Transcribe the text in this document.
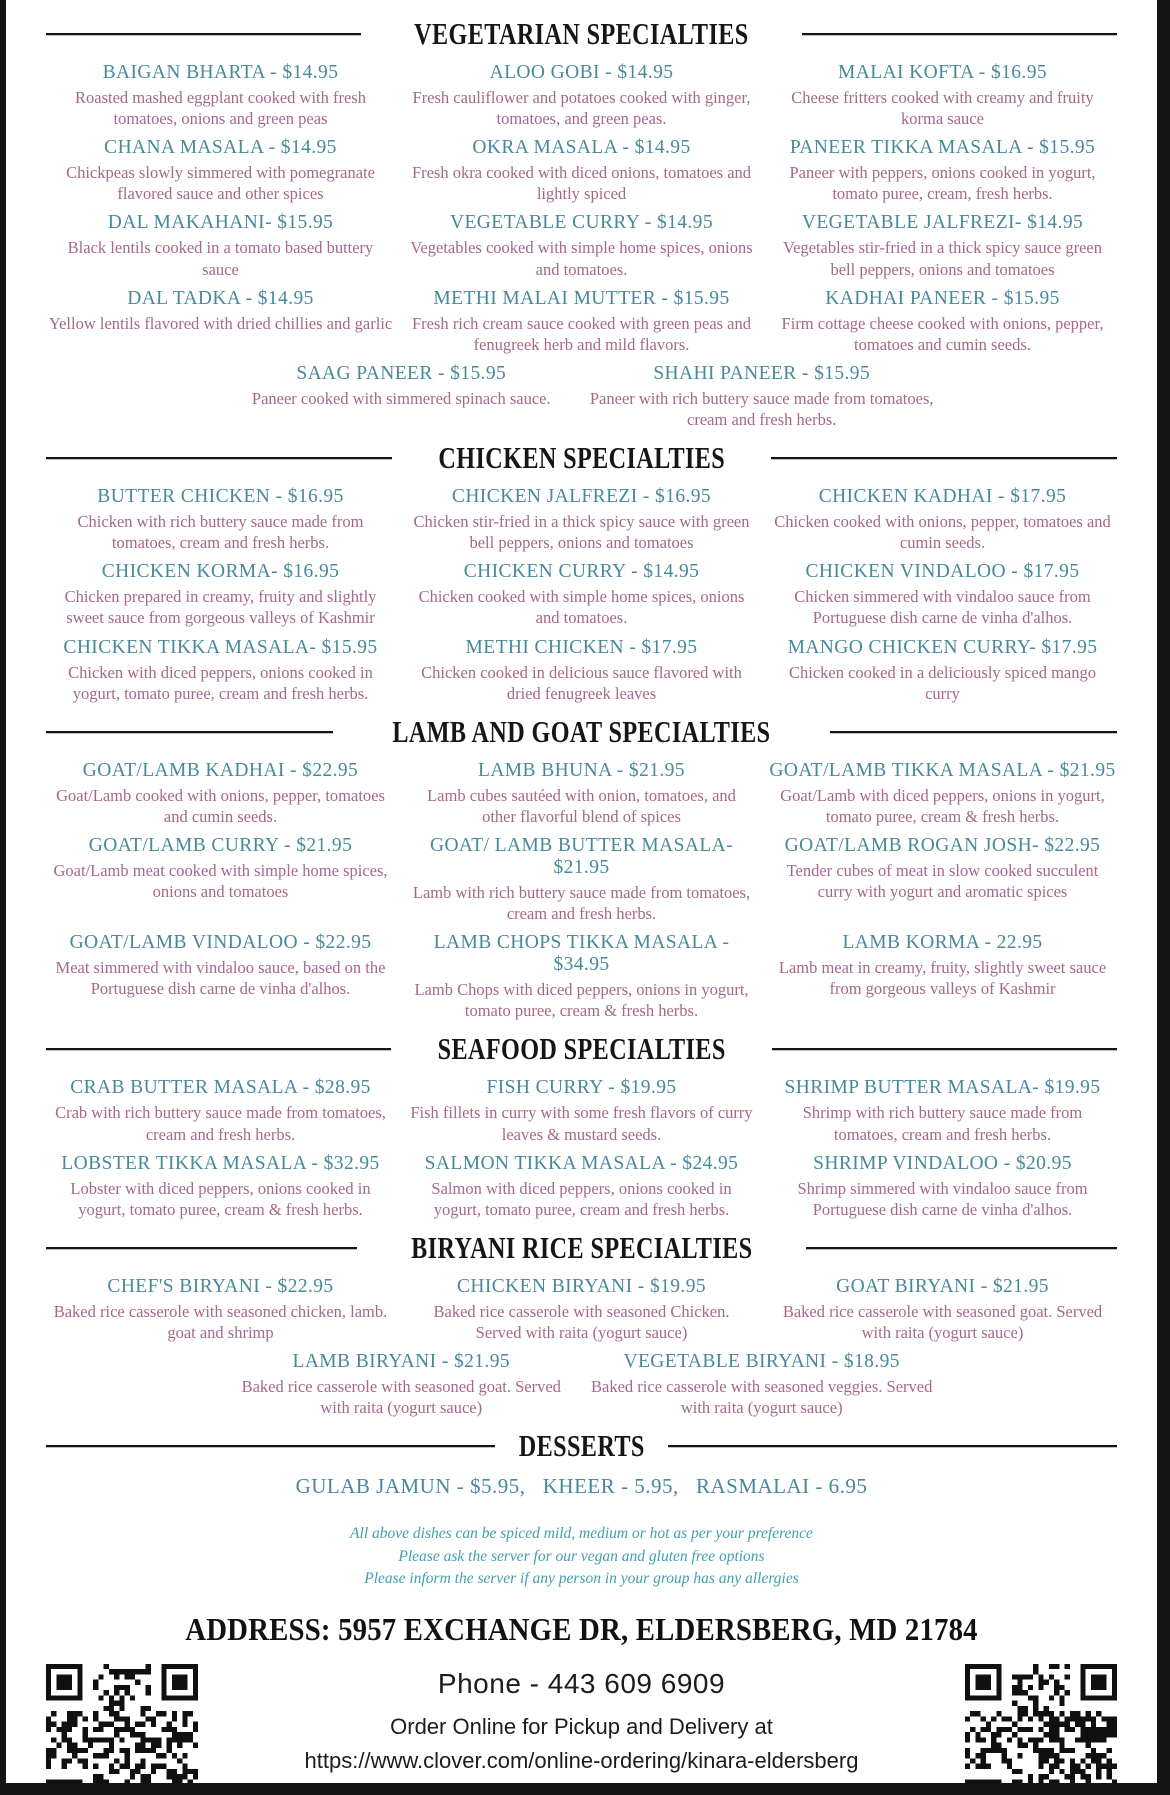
VEGETARIAN SPECIALTIES
BAIGAN BHARTA - $14.95
Roasted mashed eggplant cooked with fresh tomatoes, onions and green peas
ALOO GOBI - $14.95
Fresh cauliflower and potatoes cooked with ginger, tomatoes, and green peas.
MALAI KOFTA - $16.95
Cheese fritters cooked with creamy and fruity korma sauce
CHANA MASALA - $14.95
Chickpeas slowly simmered with pomegranate flavored sauce and other spices
OKRA MASALA - $14.95
Fresh okra cooked with diced onions, tomatoes and lightly spiced
PANEER TIKKA MASALA - $15.95
Paneer with peppers, onions cooked in yogurt, tomato puree, cream, fresh herbs.
DAL MAKAHANI- $15.95
Black lentils cooked in a tomato based buttery sauce
VEGETABLE CURRY - $14.95
Vegetables cooked with simple home spices, onions and tomatoes.
VEGETABLE JALFREZI- $14.95
Vegetables stir-fried in a thick spicy sauce green bell peppers, onions and tomatoes
DAL TADKA - $14.95
Yellow lentils flavored with dried chillies and garlic
METHI MALAI MUTTER - $15.95
Fresh rich cream sauce cooked with green peas and fenugreek herb and mild flavors.
KADHAI PANEER - $15.95
Firm cottage cheese cooked with onions, pepper, tomatoes and cumin seeds.
SAAG PANEER - $15.95
Paneer cooked with simmered spinach sauce.
SHAHI PANEER - $15.95
Paneer with rich buttery sauce made from tomatoes, cream and fresh herbs.
CHICKEN SPECIALTIES
BUTTER CHICKEN - $16.95
Chicken with rich buttery sauce made from tomatoes, cream and fresh herbs.
CHICKEN JALFREZI - $16.95
Chicken stir-fried in a thick spicy sauce with green bell peppers, onions and tomatoes
CHICKEN KADHAI - $17.95
Chicken cooked with onions, pepper, tomatoes and cumin seeds.
CHICKEN KORMA- $16.95
Chicken prepared in creamy, fruity and slightly sweet sauce from gorgeous valleys of Kashmir
CHICKEN CURRY - $14.95
Chicken cooked with simple home spices, onions and tomatoes.
CHICKEN VINDALOO - $17.95
Chicken simmered with vindaloo sauce from Portuguese dish carne de vinha d'alhos.
CHICKEN TIKKA MASALA- $15.95
Chicken with diced peppers, onions cooked in yogurt, tomato puree, cream and fresh herbs.
METHI CHICKEN - $17.95
Chicken cooked in delicious sauce flavored with dried fenugreek leaves
MANGO CHICKEN CURRY- $17.95
Chicken cooked in a deliciously spiced mango curry
LAMB AND GOAT SPECIALTIES
GOAT/LAMB KADHAI - $22.95
Goat/Lamb cooked with onions, pepper, tomatoes and cumin seeds.
LAMB BHUNA - $21.95
Lamb cubes sautéed with onion, tomatoes, and other flavorful blend of spices
GOAT/LAMB TIKKA MASALA - $21.95
Goat/Lamb with diced peppers, onions in yogurt, tomato puree, cream & fresh herbs.
GOAT/LAMB CURRY - $21.95
Goat/Lamb meat cooked with simple home spices, onions and tomatoes
GOAT/ LAMB BUTTER MASALA- $21.95
Lamb with rich buttery sauce made from tomatoes, cream and fresh herbs.
GOAT/LAMB ROGAN JOSH- $22.95
Tender cubes of meat in slow cooked succulent curry with yogurt and aromatic spices
GOAT/LAMB VINDALOO - $22.95
Meat simmered with vindaloo sauce, based on the Portuguese dish carne de vinha d'alhos.
LAMB CHOPS TIKKA MASALA - $34.95
Lamb Chops with diced peppers, onions in yogurt, tomato puree, cream & fresh herbs.
LAMB KORMA - 22.95
Lamb meat in creamy, fruity, slightly sweet sauce from gorgeous valleys of Kashmir
SEAFOOD SPECIALTIES
CRAB BUTTER MASALA - $28.95
Crab with rich buttery sauce made from tomatoes, cream and fresh herbs.
FISH CURRY - $19.95
Fish fillets in curry with some fresh flavors of curry leaves & mustard seeds.
SHRIMP BUTTER MASALA- $19.95
Shrimp with rich buttery sauce made from tomatoes, cream and fresh herbs.
LOBSTER TIKKA MASALA - $32.95
Lobster with diced peppers, onions cooked in yogurt, tomato puree, cream & fresh herbs.
SALMON TIKKA MASALA - $24.95
Salmon with diced peppers, onions cooked in yogurt, tomato puree, cream and fresh herbs.
SHRIMP VINDALOO - $20.95
Shrimp simmered with vindaloo sauce from Portuguese dish carne de vinha d'alhos.
BIRYANI RICE SPECIALTIES
CHEF'S BIRYANI - $22.95
Baked rice casserole with seasoned chicken, lamb. goat and shrimp
CHICKEN BIRYANI - $19.95
Baked rice casserole with seasoned Chicken. Served with raita (yogurt sauce)
GOAT BIRYANI - $21.95
Baked rice casserole with seasoned goat. Served with raita (yogurt sauce)
LAMB BIRYANI - $21.95
Baked rice casserole with seasoned goat. Served with raita (yogurt sauce)
VEGETABLE BIRYANI - $18.95
Baked rice casserole with seasoned veggies. Served with raita (yogurt sauce)
DESSERTS
GULAB JAMUN - $5.95,   KHEER - 5.95,   RASMALAI - 6.95
All above dishes can be spiced mild, medium or hot as per your preference
Please ask the server for our vegan and gluten free options
Please inform the server if any person in your group has any allergies
ADDRESS: 5957 EXCHANGE DR, ELDERSBERG, MD 21784
Phone - 443 609 6909
Order Online for Pickup and Delivery at
https://www.clover.com/online-ordering/kinara-eldersberg
